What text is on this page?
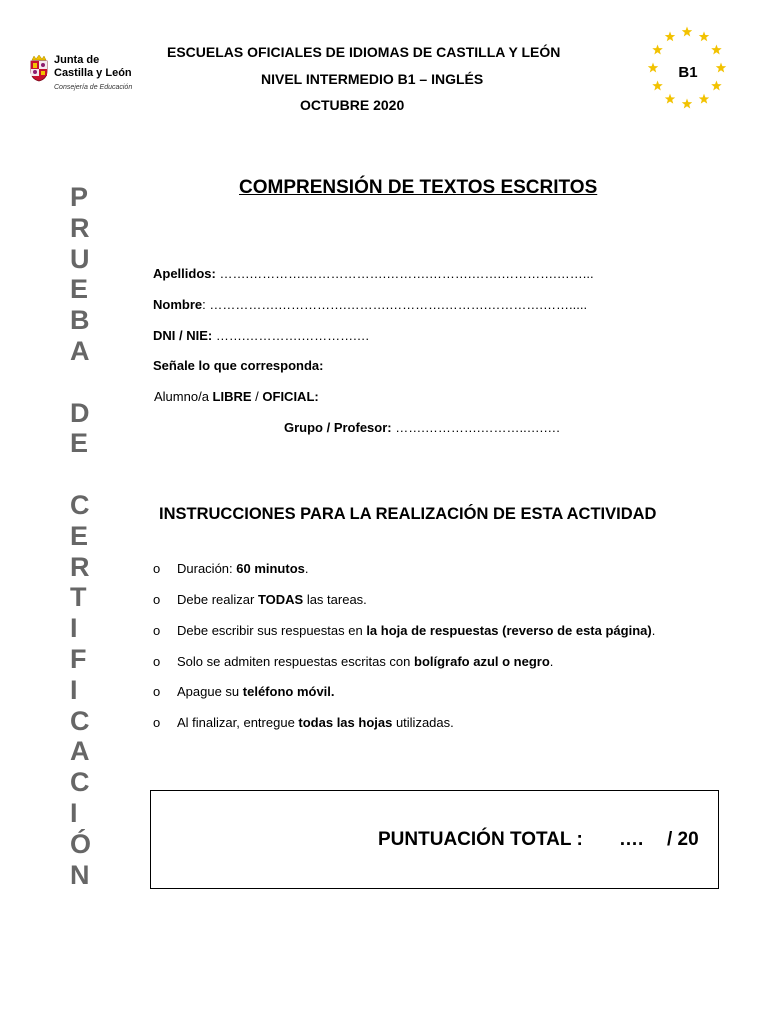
Junta de
Castilla y León
Consejería de Educación
ESCUELAS OFICIALES DE IDIOMAS DE CASTILLA Y LEÓN
NIVEL INTERMEDIO B1 – INGLÉS
OCTUBRE 2020
B1
P
R
U
E
B
A

D
E

C
E
R
T
I
F
I
C
A
C
I
Ó
N
COMPRENSIÓN DE TEXTOS ESCRITOS
Apellidos: …….………….……………….……….……….…….………….……...
Nombre: …………….…………….……….………….……….………….…….....
DNI / NIE: …….………….………….…
Señale lo que corresponda:
Alumno/a LIBRE / OFICIAL:
Grupo / Profesor: …….………….………..….….
INSTRUCCIONES PARA LA REALIZACIÓN DE ESTA ACTIVIDAD
o Duración: 60 minutos.
o Debe realizar TODAS las tareas.
o Debe escribir sus respuestas en la hoja de respuestas (reverso de esta página).
o Solo se admiten respuestas escritas con bolígrafo azul o negro.
o Apague su teléfono móvil.
o Al finalizar, entregue todas las hojas utilizadas.
PUNTUACIÓN TOTAL : …. / 20
